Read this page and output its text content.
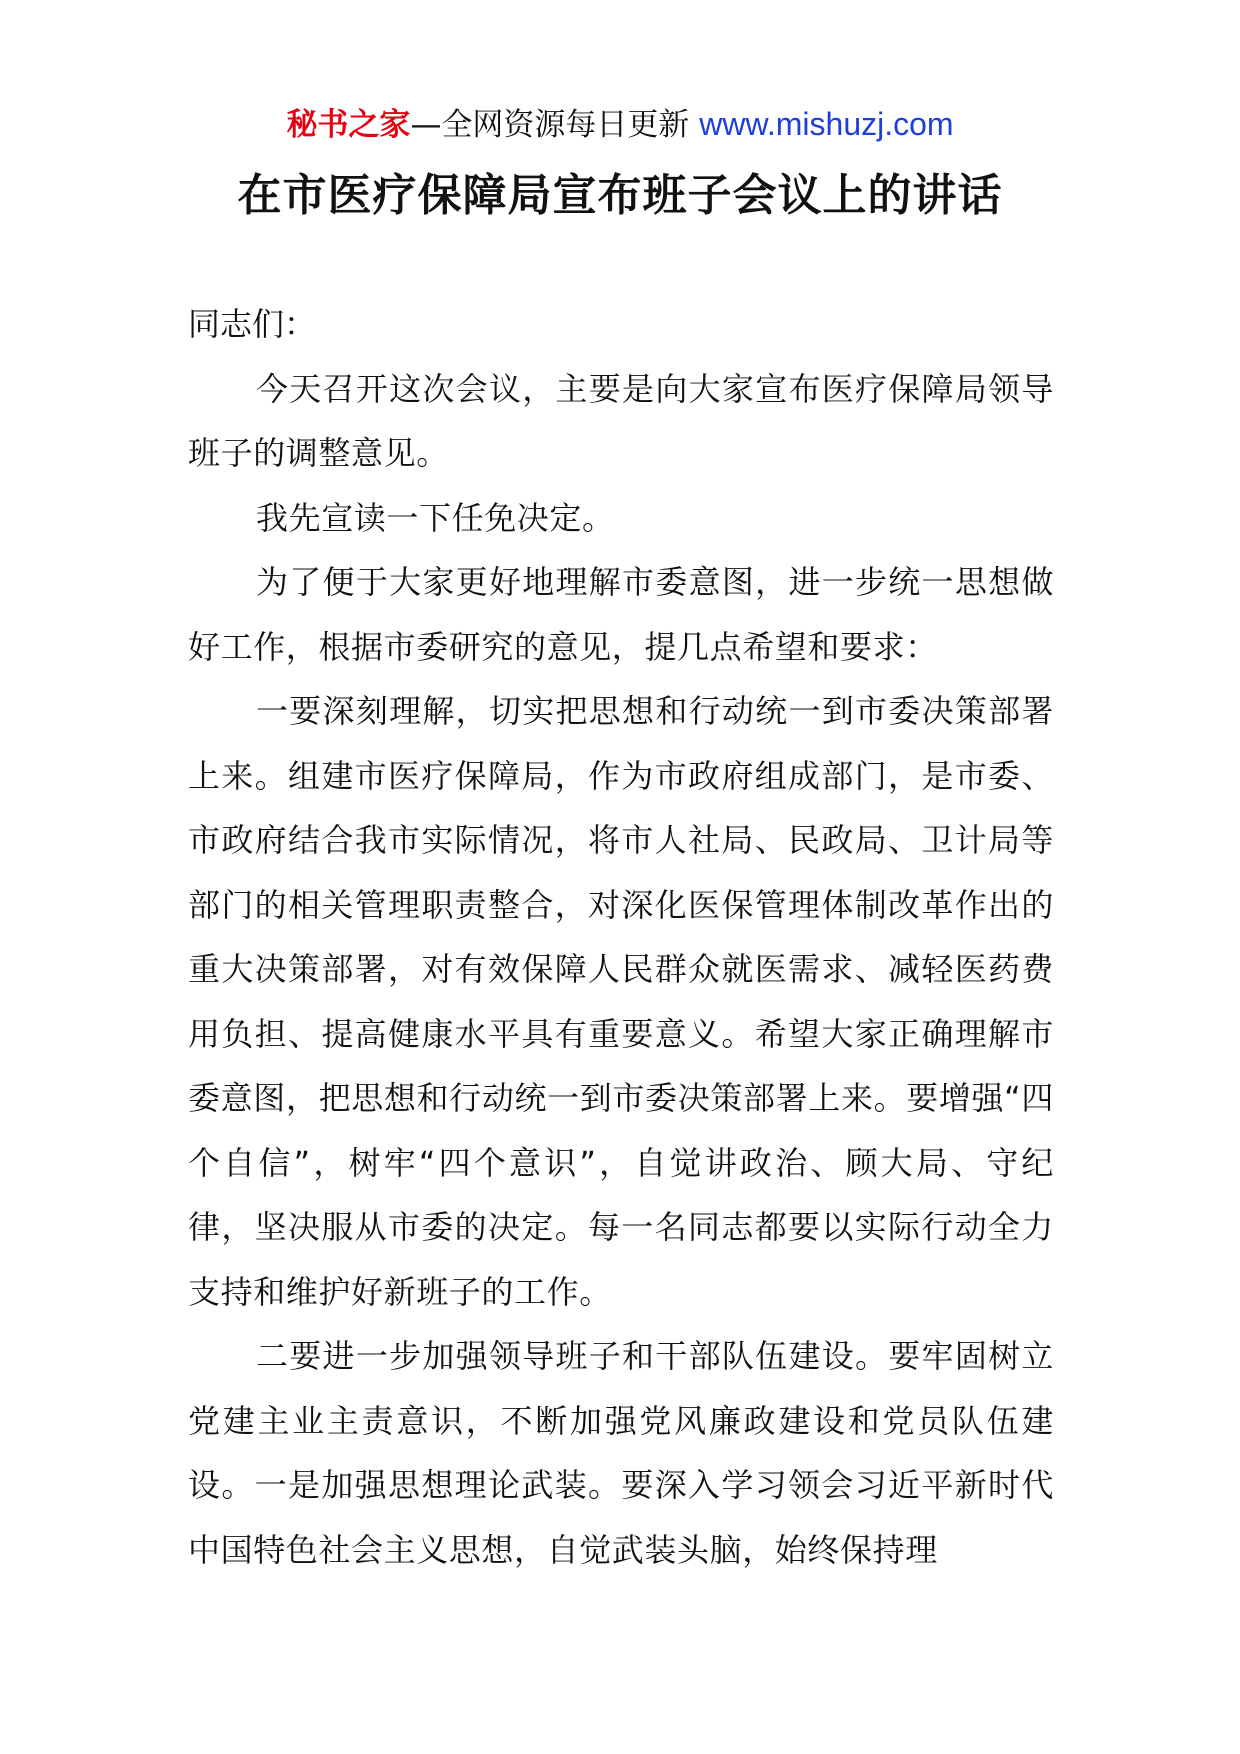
秘书之家—全网资源每日更新 www.mishuzj.com
在市医疗保障局宣布班子会议上的讲话

同志们：

今天召开这次会议，主要是向大家宣布医疗保障局领导班子的调整意见。

我先宣读一下任免决定。

为了便于大家更好地理解市委意图，进一步统一思想做好工作，根据市委研究的意见，提几点希望和要求：

一要深刻理解，切实把思想和行动统一到市委决策部署上来。组建市医疗保障局，作为市政府组成部门，是市委、市政府结合我市实际情况，将市人社局、民政局、卫计局等部门的相关管理职责整合，对深化医保管理体制改革作出的重大决策部署，对有效保障人民群众就医需求、减轻医药费用负担、提高健康水平具有重要意义。希望大家正确理解市委意图，把思想和行动统一到市委决策部署上来。要增强“四个自信”，树牢“四个意识”，自觉讲政治、顾大局、守纪律，坚决服从市委的决定。每一名同志都要以实际行动全力支持和维护好新班子的工作。

二要进一步加强领导班子和干部队伍建设。要牢固树立党建主业主责意识，不断加强党风廉政建设和党员队伍建设。一是加强思想理论武装。要深入学习领会习近平新时代中国特色社会主义思想，自觉武装头脑，始终保持理
